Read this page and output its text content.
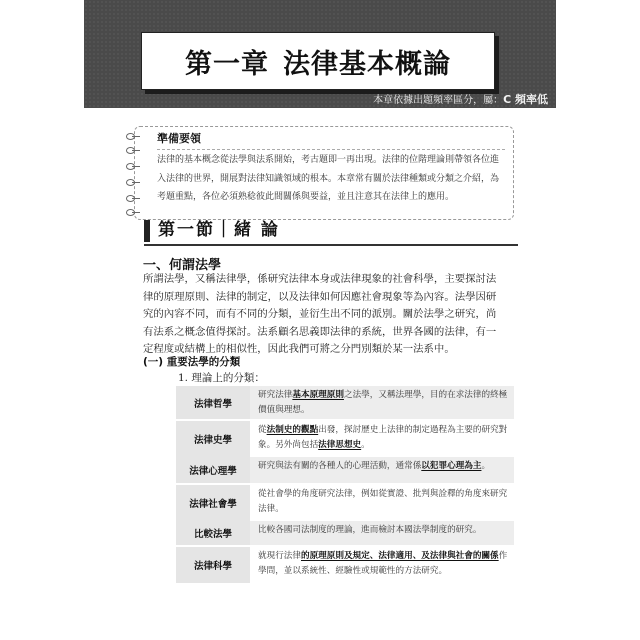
第一章 法律基本概論
本章依據出題頻率區分，屬：C 頻率低
準備要領
法律的基本概念從法學與法系開始，考古題即一再出現。法律的位階理論則帶領各位進
入法律的世界，開展對法律知識領域的根本。本章常有關於法律種類或分類之介紹，為
考題重點，各位必須熟稔彼此間關係與要益，並且注意其在法律上的應用。
第一節｜緒 論
一、何謂法學
所謂法學，又稱法律學，係研究法律本身或法律現象的社會科學，主要探討法
律的原理原則、法律的制定，以及法律如何因應社會現象等為內容。法學因研
究的內容不同，而有不同的分類，並衍生出不同的派別。關於法學之研究，尚
有法系之概念值得探討。法系顧名思義即法律的系統，世界各國的法律，有一
定程度或結構上的相似性，因此我們可將之分門別類於某一法系中。
(一) 重要法學的分類
1. 理論上的分類：
法律哲學
研究法律基本原理原則之法學，又稱法理學，目的在求法律的終極價值與理想。
法律史學
從法制史的觀點出發，探討歷史上法律的制定過程為主要的研究對象。另外尚包括法律思想史。
法律心理學	研究與法有關的各種人的心理活動，通常係以犯罪心理為主。
法律社會學
從社會學的角度研究法律，例如從實證、批判與詮釋的角度來研究法律。
比較法學	比較各國司法制度的理論，進而檢討本國法學制度的研究。
法律科學
就現行法律的原理原則及規定、法律適用、及法律與社會的關係作學問，並以系統性、經驗性或規範性的方法研究。
